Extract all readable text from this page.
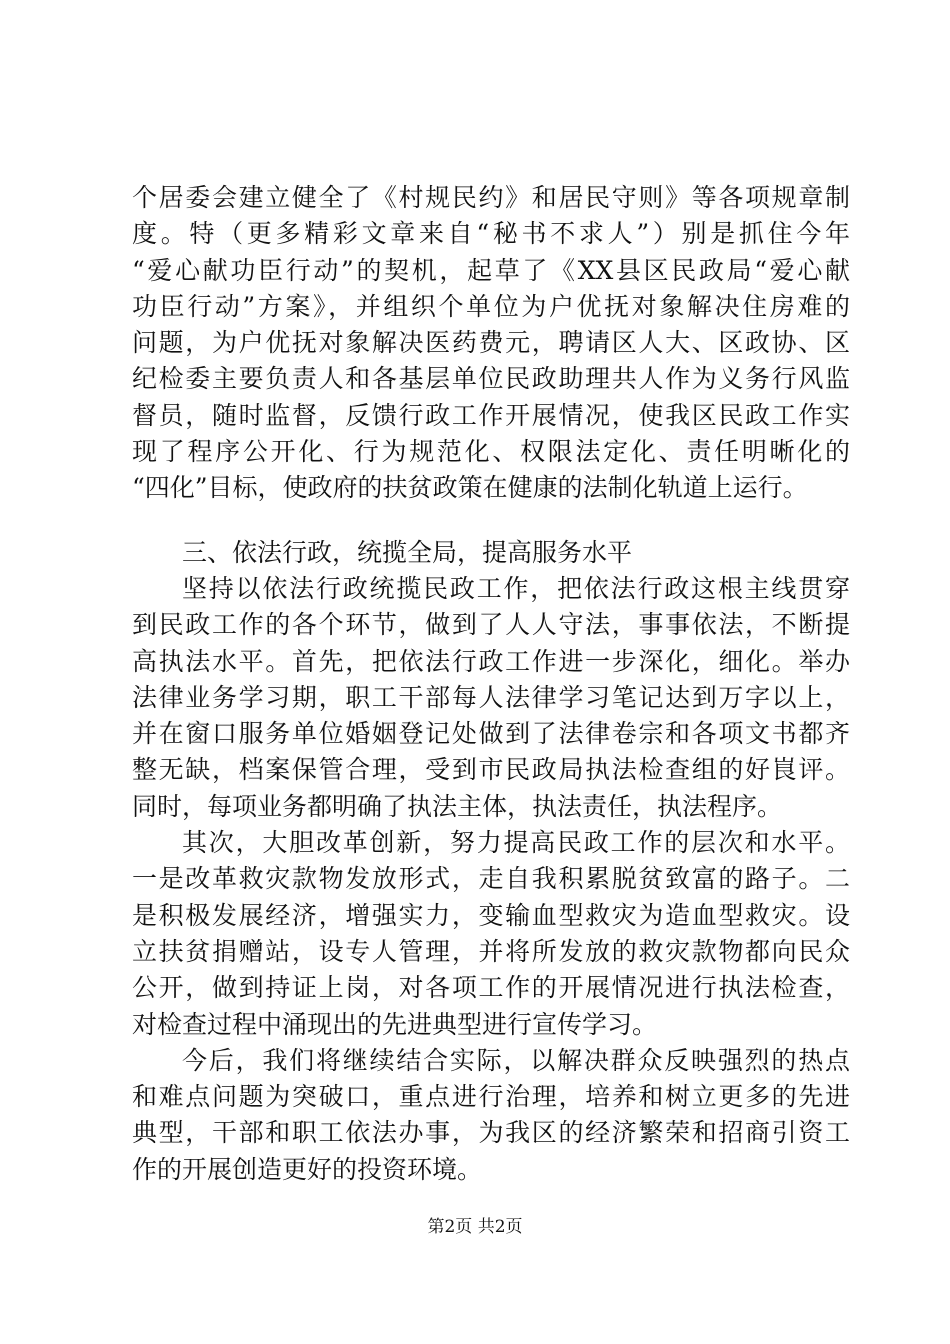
个居委会建立健全了《村规民约》和居民守则》等各项规章制
度。特（更多精彩文章来自“秘书不求人”）别是抓住今年
“爱心献功臣行动”的契机，起草了《XX县区民政局“爱心献
功臣行动”方案》，并组织个单位为户优抚对象解决住房难的
问题，为户优抚对象解决医药费元，聘请区人大、区政协、区
纪检委主要负责人和各基层单位民政助理共人作为义务行风监
督员，随时监督，反馈行政工作开展情况，使我区民政工作实
现了程序公开化、行为规范化、权限法定化、责任明晰化的
“四化”目标，使政府的扶贫政策在健康的法制化轨道上运行。
三、依法行政，统揽全局，提高服务水平
坚持以依法行政统揽民政工作，把依法行政这根主线贯穿
到民政工作的各个环节，做到了人人守法，事事依法，不断提
高执法水平。首先，把依法行政工作进一步深化，细化。举办
法律业务学习期，职工干部每人法律学习笔记达到万字以上，
并在窗口服务单位婚姻登记处做到了法律卷宗和各项文书都齐
整无缺，档案保管合理，受到市民政局执法检查组的好峎评。
同时，每项业务都明确了执法主体，执法责任，执法程序。
其次，大胆改革创新，努力提高民政工作的层次和水平。
一是改革救灾款物发放形式，走自我积累脱贫致富的路子。二
是积极发展经济，增强实力，变输血型救灾为造血型救灾。设
立扶贫捐赠站，设专人管理，并将所发放的救灾款物都向民众
公开，做到持证上岗，对各项工作的开展情况进行执法检查，
对检查过程中涌现出的先进典型进行宣传学习。
今后，我们将继续结合实际，以解决群众反映强烈的热点
和难点问题为突破口，重点进行治理，培养和树立更多的先进
典型，干部和职工依法办事，为我区的经济繁荣和招商引资工
作的开展创造更好的投资环境。
第2页 共2页
